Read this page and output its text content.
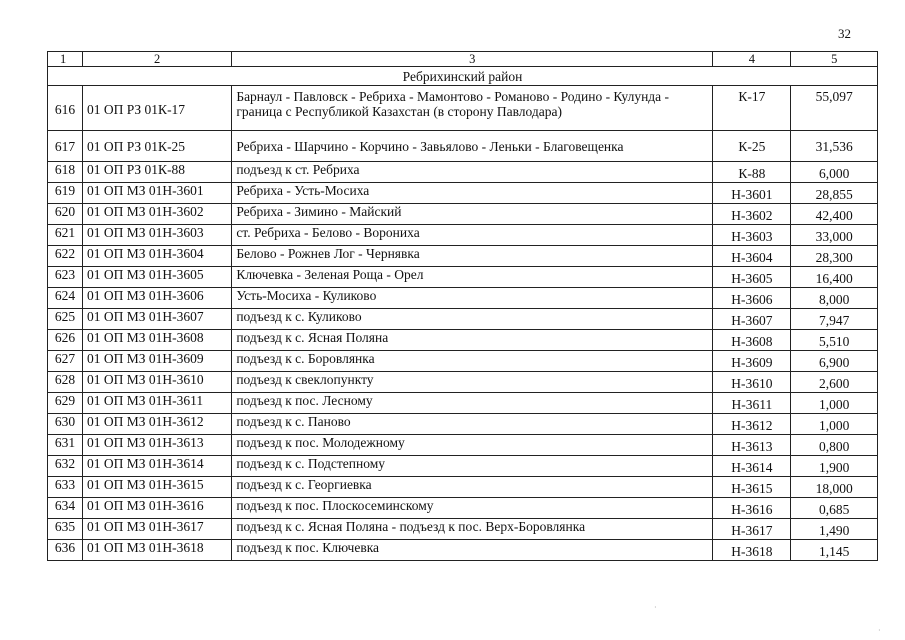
32
1	2	3	4	5
Ребрихинский район				
616	01 ОП РЗ 01К-17	Барнаул - Павловск - Ребриха - Мамонтово - Романово - Родино - Кулунда - граница с Республикой Казахстан (в сторону Павлодара)	К-17	55,097
617	01 ОП РЗ 01К-25	Ребриха - Шарчино - Корчино - Завьялово - Леньки - Благовещенка	К-25	31,536
618	01 ОП РЗ 01К-88	подъезд к ст. Ребриха	К-88	6,000
619	01 ОП МЗ 01Н-3601	Ребриха - Усть-Мосиха	Н-3601	28,855
620	01 ОП МЗ 01Н-3602	Ребриха - Зимино - Майский	Н-3602	42,400
621	01 ОП МЗ 01Н-3603	ст. Ребриха - Белово - Ворониха	Н-3603	33,000
622	01 ОП МЗ 01Н-3604	Белово - Рожнев Лог - Чернявка	Н-3604	28,300
623	01 ОП МЗ 01Н-3605	Ключевка - Зеленая Роща - Орел	Н-3605	16,400
624	01 ОП МЗ 01Н-3606	Усть-Мосиха - Куликово	Н-3606	8,000
625	01 ОП МЗ 01Н-3607	подъезд к с. Куликово	Н-3607	7,947
626	01 ОП МЗ 01Н-3608	подъезд к с. Ясная Поляна	Н-3608	5,510
627	01 ОП МЗ 01Н-3609	подъезд к с. Боровлянка	Н-3609	6,900
628	01 ОП МЗ 01Н-3610	подъезд к свеклопункту	Н-3610	2,600
629	01 ОП МЗ 01Н-3611	подъезд к пос. Лесному	Н-3611	1,000
630	01 ОП МЗ 01Н-3612	подъезд к с. Паново	Н-3612	1,000
631	01 ОП МЗ 01Н-3613	подъезд к пос. Молодежному	Н-3613	0,800
632	01 ОП МЗ 01Н-3614	подъезд к с. Подстепному	Н-3614	1,900
633	01 ОП МЗ 01Н-3615	подъезд к с. Георгиевка	Н-3615	18,000
634	01 ОП МЗ 01Н-3616	подъезд к пос. Плоскосеминскому	Н-3616	0,685
635	01 ОП МЗ 01Н-3617	подъезд к с. Ясная Поляна - подъезд к пос. Верх-Боровлянка	Н-3617	1,490
636	01 ОП МЗ 01Н-3618	подъезд к пос. Ключевка	Н-3618	1,145
·
·
